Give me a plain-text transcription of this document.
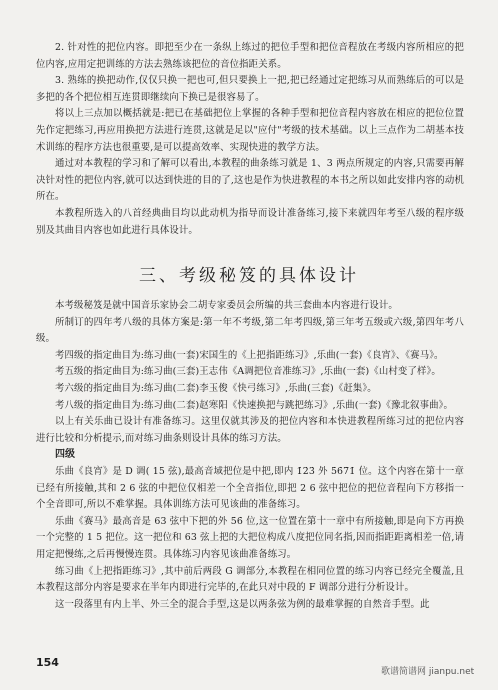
2. 针对性的把位内容。即把至少在一条纵上练过的把位手型和把位音程放在考级内容所相应的把位内容,应用定把训练的方法去熟练该把位的音位指距关系。

3. 熟练的换把动作,仅仅只换一把也可,但只要换上一把,把已经通过定把练习从而熟练后的可以是多把的各个把位相互连贯即继续向下换已是很容易了。

将以上三点加以概括就是:把已在基础把位上掌握的各种手型和把位音程内容放在相应的把位位置先作定把练习,再应用换把方法进行连贯,这就是足以"应付"考级的技术基础。以上三点作为二胡基本技术训练的程序方法也很重要,是可以提高效率、实现快进的教学方法。

通过对本教程的学习和了解可以看出,本教程的曲条练习就是 1、3 两点所规定的内容,只需要再解决针对性的把位内容,就可以达到快进的目的了,这也是作为快进教程的本书之所以如此安排内容的动机所在。

本教程所选入的八首经典曲目均以此动机为指导而设计准备练习,接下来就四年考至八级的程序级别及其曲目内容也如此进行具体设计。

三、考级秘笈的具体设计

本考级秘笈是就中国音乐家协会二胡专家委员会所编的共三套曲本内容进行设计。

所制订的四年考八级的具体方案是:第一年不考级,第二年考四级,第三年考五级或六级,第四年考八级。

考四级的指定曲目为:练习曲(一套)宋国生的《上把指距练习》,乐曲(一套)《良宵》、《赛马》。

考五级的指定曲目为:练习曲(三套)王志伟《A调把位音准练习》,乐曲(一套)《山村变了样》。

考六级的指定曲目为:练习曲(二套)李玉俊《快弓练习》,乐曲(三套)《赶集》。

考八级的指定曲目为:练习曲(二套)赵寒阳《快速换把与跳把练习》,乐曲(一套)《豫北叙事曲》。

以上有关乐曲已设计有准备练习。这里仅就其涉及的把位内容和本快进教程所练习过的把位内容进行比较和分析提示,而对练习曲条则设计具体的练习方法。

四级

乐曲《良宵》是 D 调( 15 弦),最高音域把位是中把,即内 1̇2̇3̇ 外 5̇6̇7̇1̇ 位。这个内容在第十一章已经有所接触,其和 2 6 弦的中把位仅相差一个全音指位,即把 2 6 弦中把位的把位音程向下方移指一个全音即可,所以不难掌握。具体训练方法可见该曲的准备练习。

乐曲《赛马》最高音是 63 弦中下把的外 5̇6̇ 位,这一位置在第十一章中有所接触,即是向下方再换一个完整的 1 5 把位。这一把位和 63 弦上把的大把位构成八度把位同名指,因而指距距离相差一倍,请用定把慢练,之后再慢慢连贯。具体练习内容见该曲准备练习。

练习曲《上把指距练习》,其中前后两段 G 调部分,本教程在相同位置的练习内容已经完全覆盖,且本教程这部分内容是要求在半年内即进行完毕的,在此只对中段的 F 调部分进行分析设计。

这一段落里有内上半、外三全的混合手型,这是以两条弦为例的最难掌握的自然音手型。此

154
歌谱简谱网 jianpu.net
